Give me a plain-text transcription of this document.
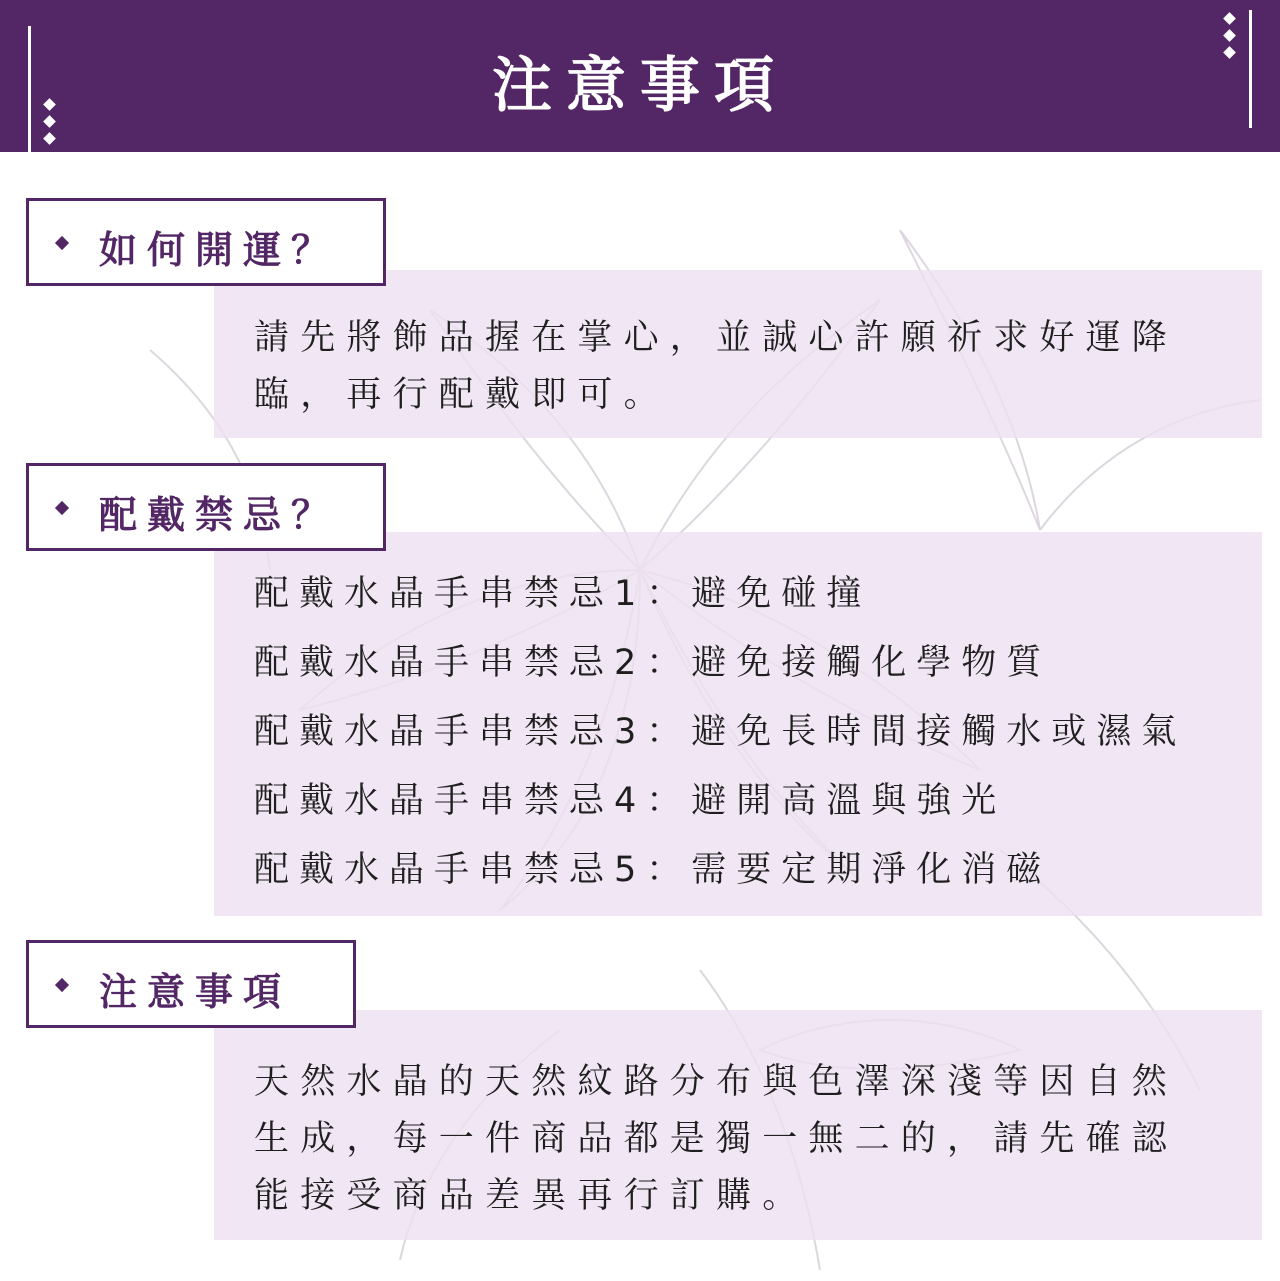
注意事項
如何開運？
請先將飾品握在掌心，並誠心許願祈求好運降
臨，再行配戴即可。
配戴禁忌？
配戴水晶手串禁忌1：避免碰撞
配戴水晶手串禁忌2：避免接觸化學物質
配戴水晶手串禁忌3：避免長時間接觸水或濕氣
配戴水晶手串禁忌4：避開高溫與強光
配戴水晶手串禁忌5：需要定期淨化消磁
注意事項
天然水晶的天然紋路分布與色澤深淺等因自然
生成，每一件商品都是獨一無二的，請先確認
能接受商品差異再行訂購。
